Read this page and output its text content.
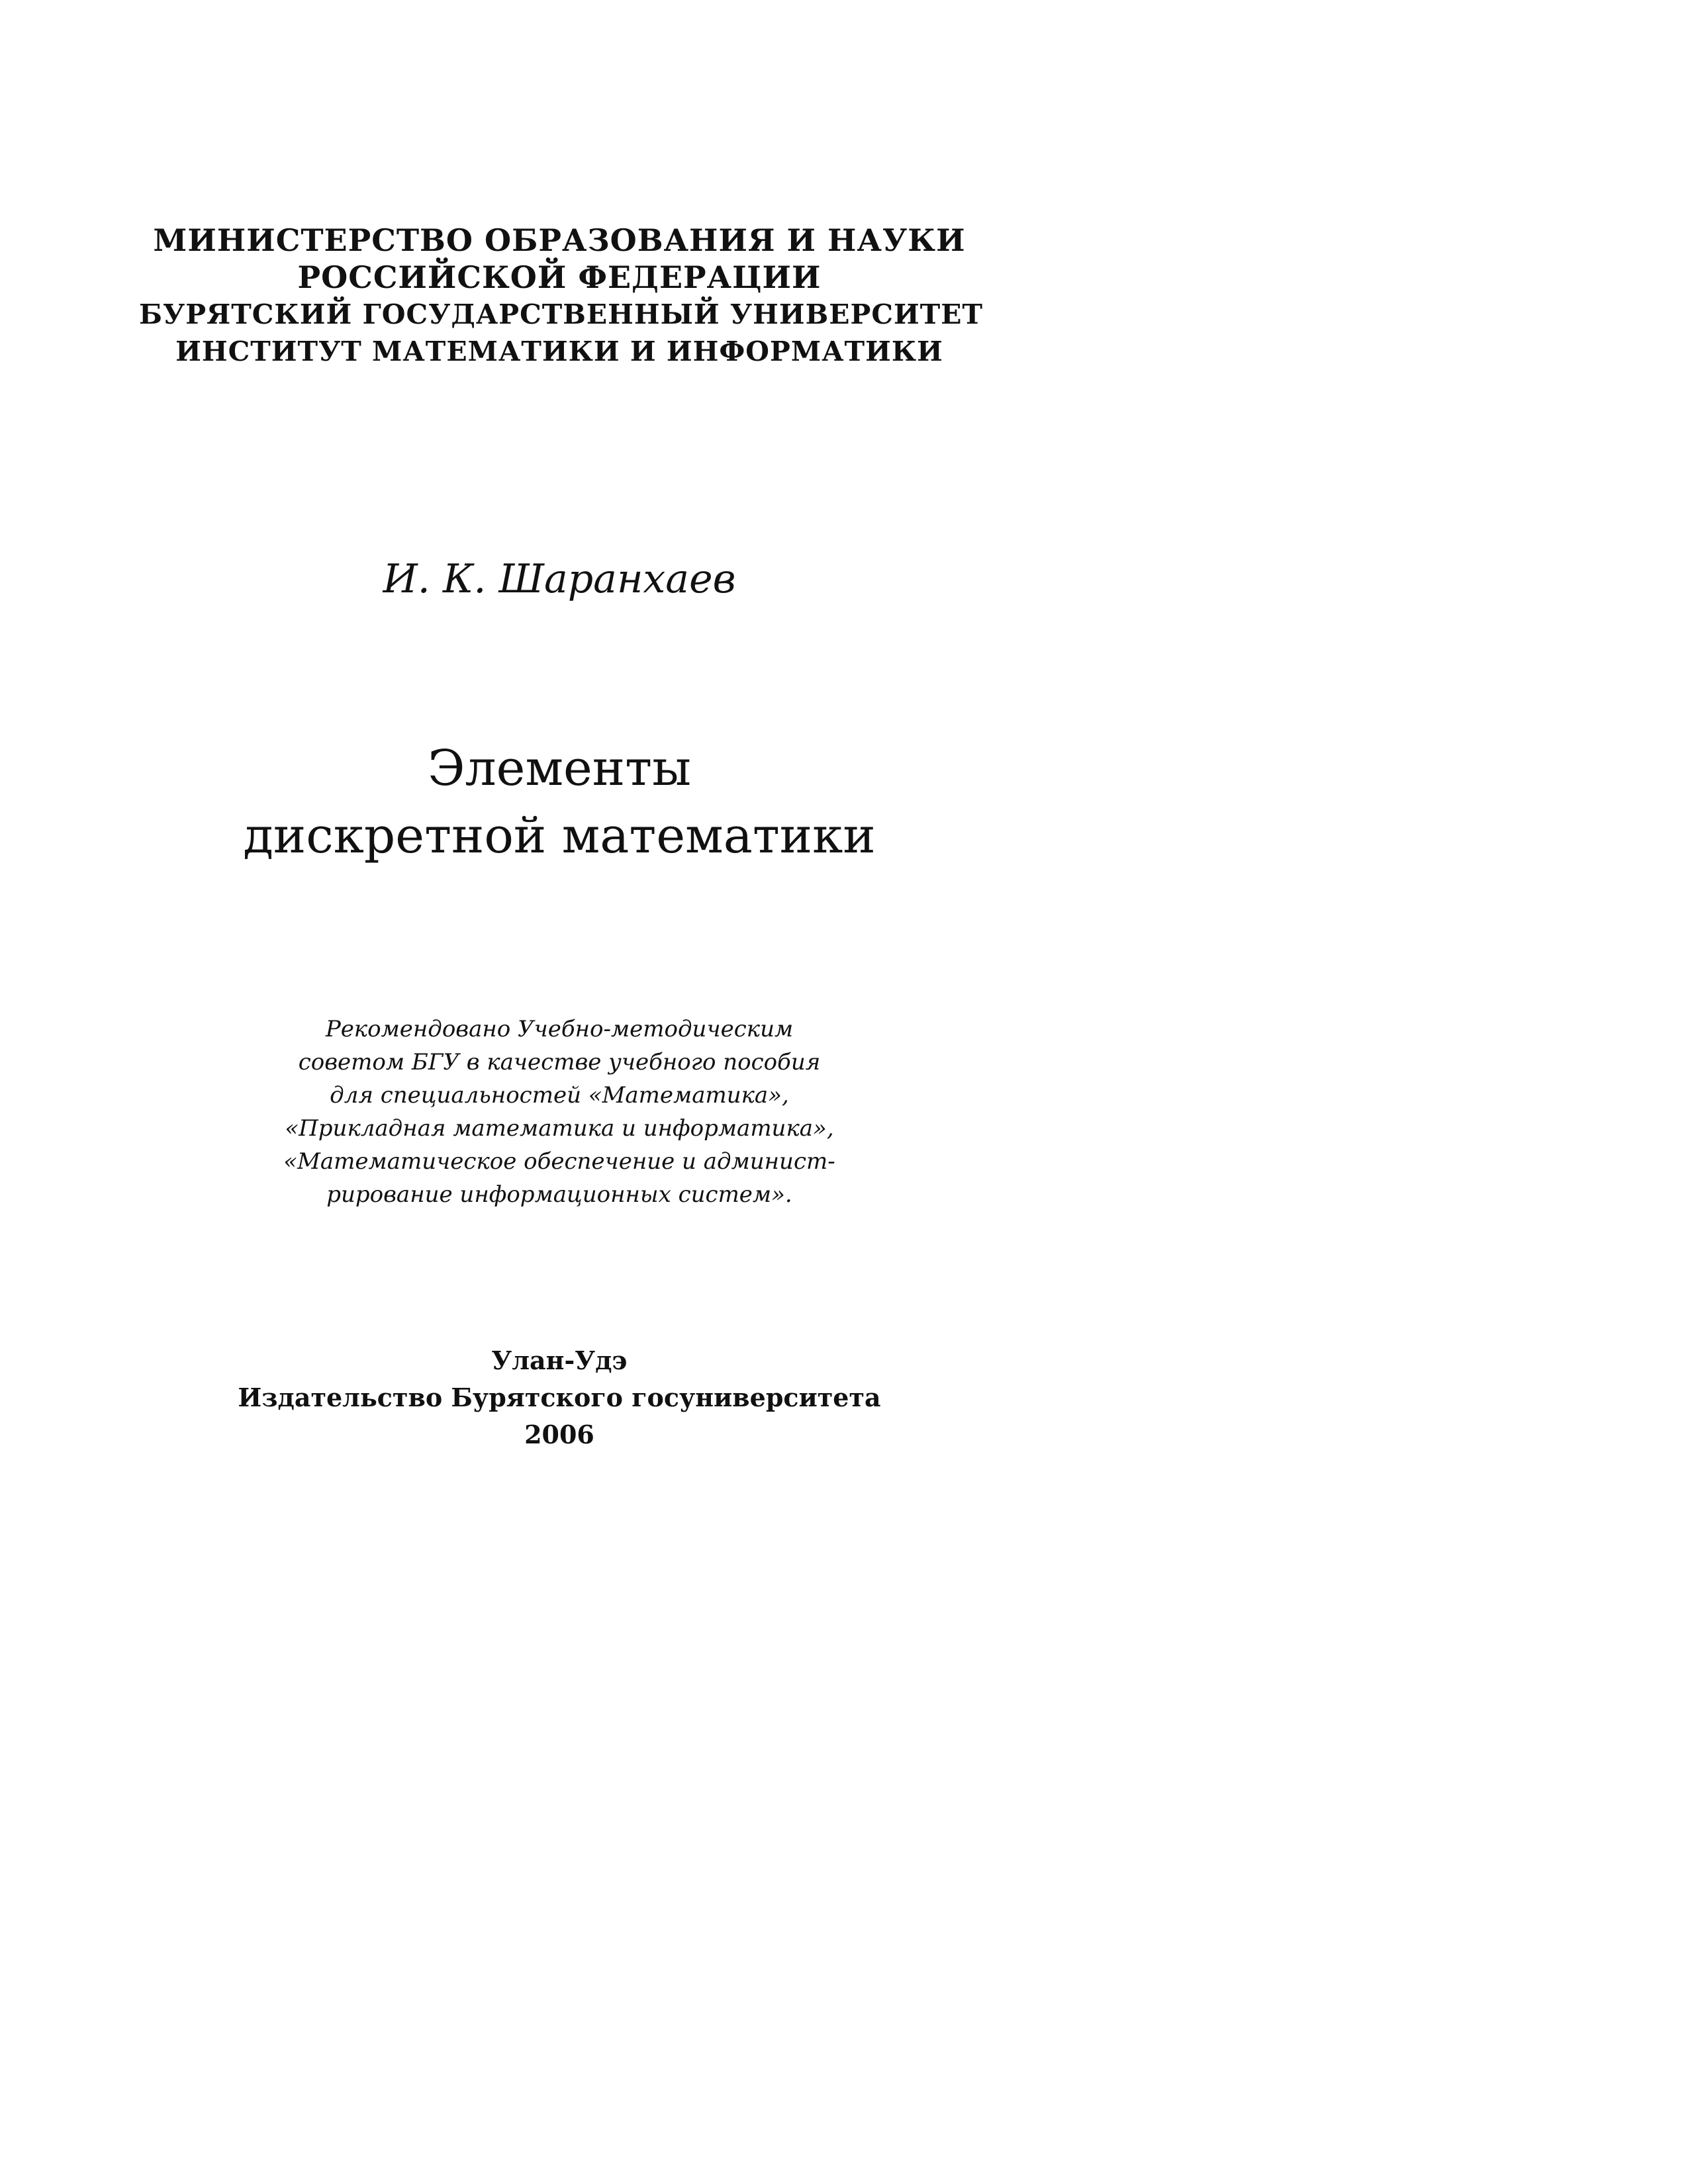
МИНИСТЕРСТВО ОБРАЗОВАНИЯ И НАУКИ
РОССИЙСКОЙ ФЕДЕРАЦИИ
БУРЯТСКИЙ ГОСУДАРСТВЕННЫЙ УНИВЕРСИТЕТ
ИНСТИТУТ МАТЕМАТИКИ И ИНФОРМАТИКИ
И. К. Шаранхаев
Элементы
дискретной математики
Рекомендовано Учебно-методическим
советом БГУ в качестве учебного пособия
для специальностей «Математика»,
«Прикладная математика и информатика»,
«Математическое обеспечение и админист-
рирование информационных систем».
Улан-Удэ
Издательство Бурятского госуниверситета
2006
